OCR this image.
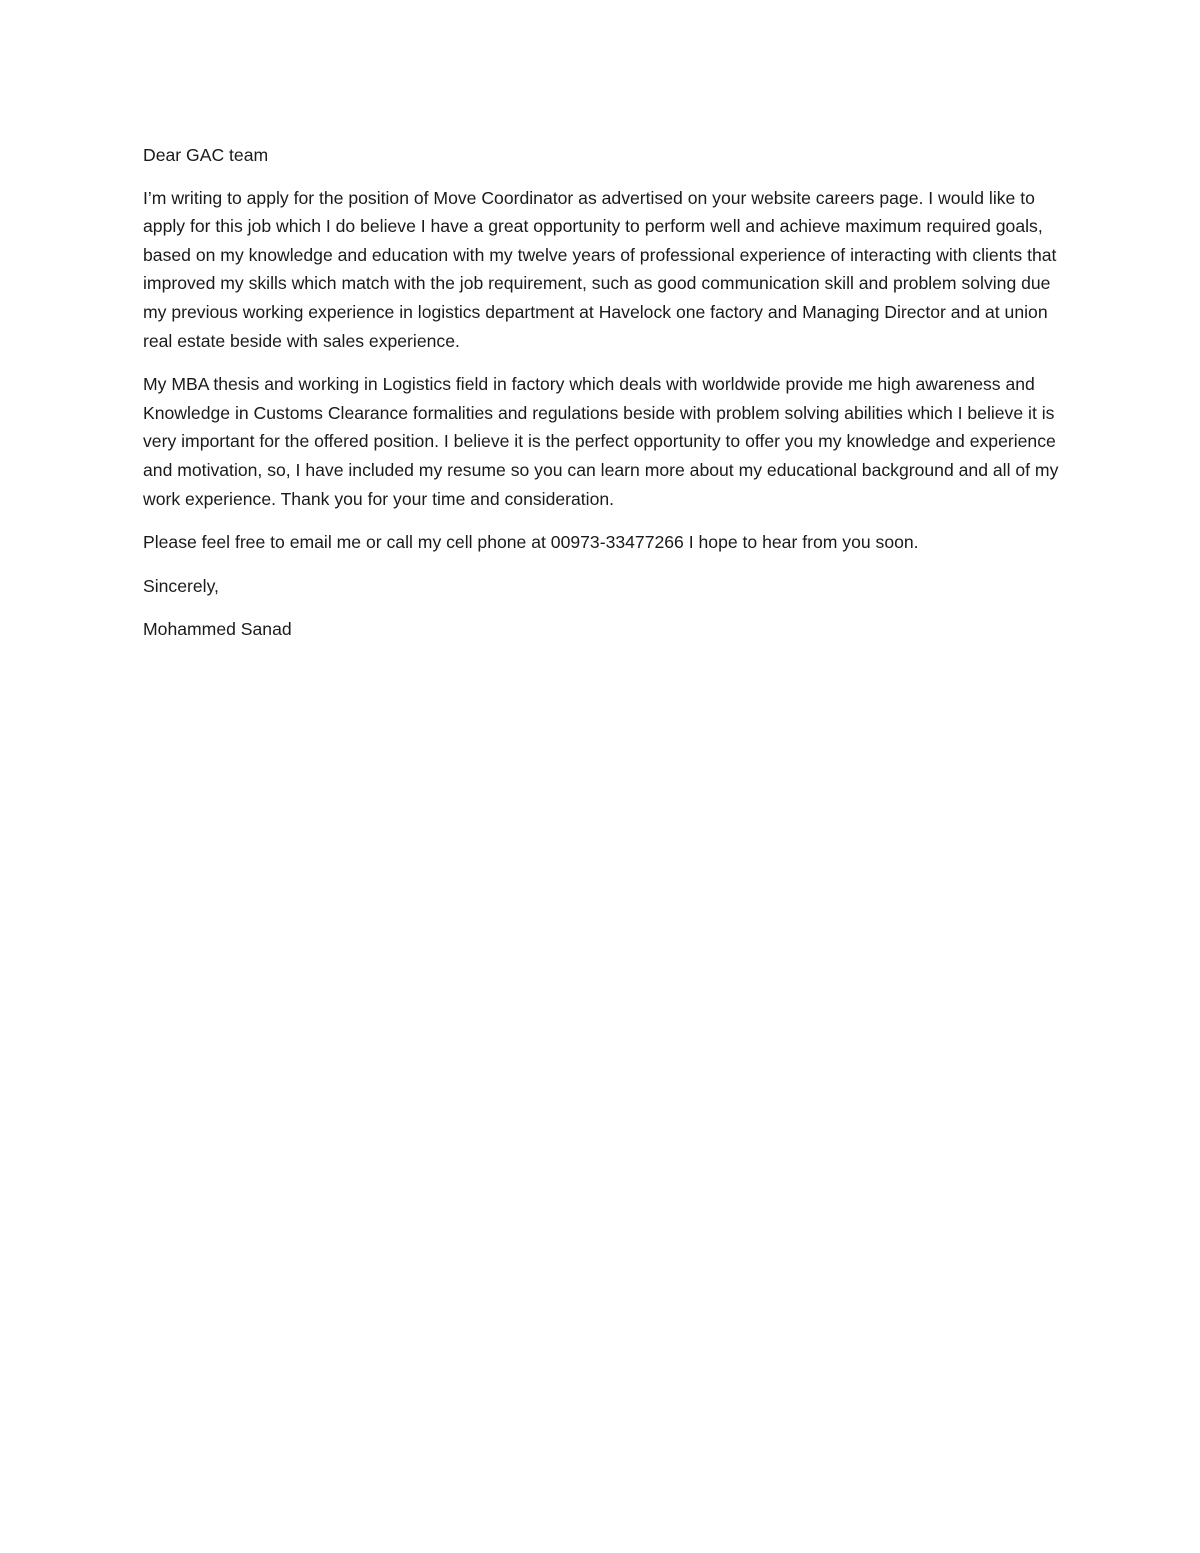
Dear GAC team

I’m writing to apply for the position of Move Coordinator as advertised on your website careers page. I would like to apply for this job which I do believe I have a great opportunity to perform well and achieve maximum required goals, based on my knowledge and education with my twelve years of professional experience of interacting with clients that improved my skills which match with the job requirement, such as good communication skill and problem solving due my previous working experience in logistics department at Havelock one factory and Managing Director and at union real estate beside with sales experience.

My MBA thesis and working in Logistics field in factory which deals with worldwide provide me high awareness and Knowledge in Customs Clearance formalities and regulations beside with problem solving abilities which I believe it is very important for the offered position. I believe it is the perfect opportunity to offer you my knowledge and experience and motivation, so, I have included my resume so you can learn more about my educational background and all of my work experience. Thank you for your time and consideration.

Please feel free to email me or call my cell phone at 00973-33477266 I hope to hear from you soon.

Sincerely,

Mohammed Sanad
